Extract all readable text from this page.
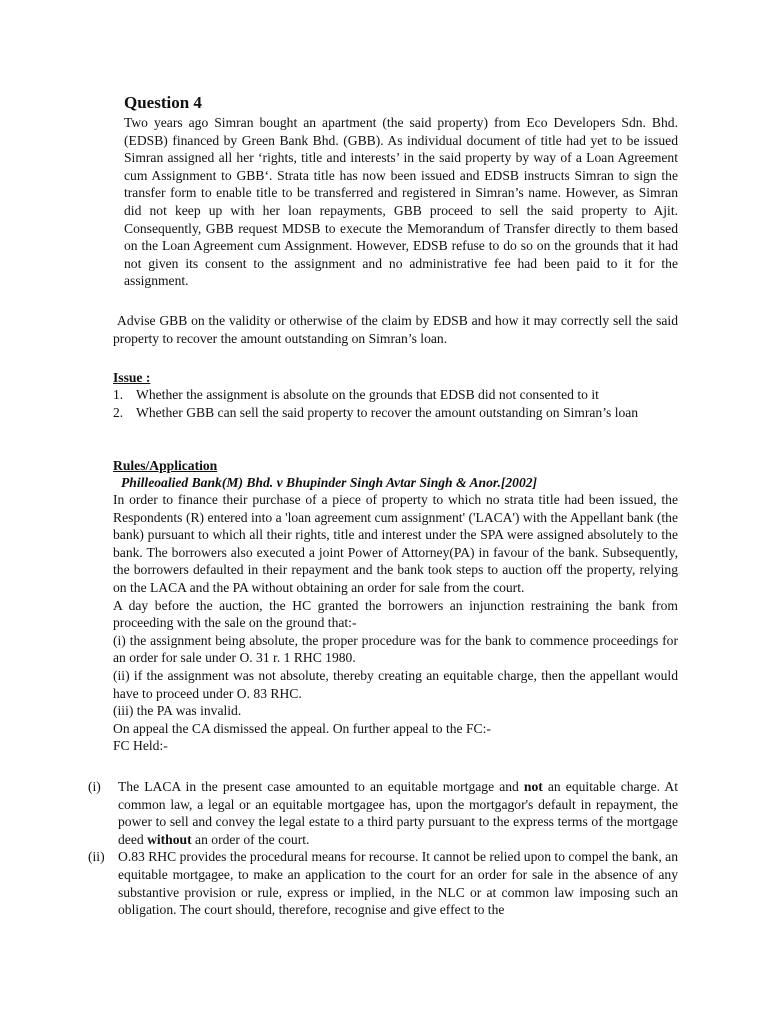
Question 4
Two years ago Simran bought an apartment (the said property) from Eco Developers Sdn. Bhd. (EDSB) financed by Green Bank Bhd. (GBB). As individual document of title had yet to be issued Simran assigned all her ‘rights, title and interests’ in the said property by way of a Loan Agreement cum Assignment to GBB‘. Strata title has now been issued and EDSB instructs Simran to sign the transfer form to enable title to be transferred and registered in Simran’s name. However, as Simran did not keep up with her loan repayments, GBB proceed to sell the said property to Ajit. Consequently, GBB request MDSB to execute the Memorandum of Transfer directly to them based on the Loan Agreement cum Assignment. However, EDSB refuse to do so on the grounds that it had not given its consent to the assignment and no administrative fee had been paid to it for the assignment.
Advise GBB on the validity or otherwise of the claim by EDSB and how it may correctly sell the said property to recover the amount outstanding on Simran’s loan.
Issue :
1. Whether the assignment is absolute on the grounds that EDSB did not consented to it
2. Whether GBB can sell the said property to recover the amount outstanding on Simran’s loan
Rules/Application
Philleoalied Bank(M) Bhd. v Bhupinder Singh Avtar Singh & Anor.[2002]

In order to finance their purchase of a piece of property to which no strata title had been issued, the Respondents (R) entered into a 'loan agreement cum assignment' ('LACA') with the Appellant bank (the bank) pursuant to which all their rights, title and interest under the SPA were assigned absolutely to the bank. The borrowers also executed a joint Power of Attorney(PA) in favour of the bank. Subsequently, the borrowers defaulted in their repayment and the bank took steps to auction off the property, relying on the LACA and the PA without obtaining an order for sale from the court.

A day before the auction, the HC granted the borrowers an injunction restraining the bank from proceeding with the sale on the ground that:-

(i) the assignment being absolute, the proper procedure was for the bank to commence proceedings for an order for sale under O. 31 r. 1 RHC 1980.

(ii) if the assignment was not absolute, thereby creating an equitable charge, then the appellant would have to proceed under O. 83 RHC.

(iii) the PA was invalid.

On appeal the CA dismissed the appeal. On further appeal to the FC:-

FC Held:-

(i) The LACA in the present case amounted to an equitable mortgage and not an equitable charge. At common law, a legal or an equitable mortgagee has, upon the mortgagor's default in repayment, the power to sell and convey the legal estate to a third party pursuant to the express terms of the mortgage deed without an order of the court.
(ii) O.83 RHC provides the procedural means for recourse. It cannot be relied upon to compel the bank, an equitable mortgagee, to make an application to the court for an order for sale in the absence of any substantive provision or rule, express or implied, in the NLC or at common law imposing such an obligation. The court should, therefore, recognise and give effect to the
